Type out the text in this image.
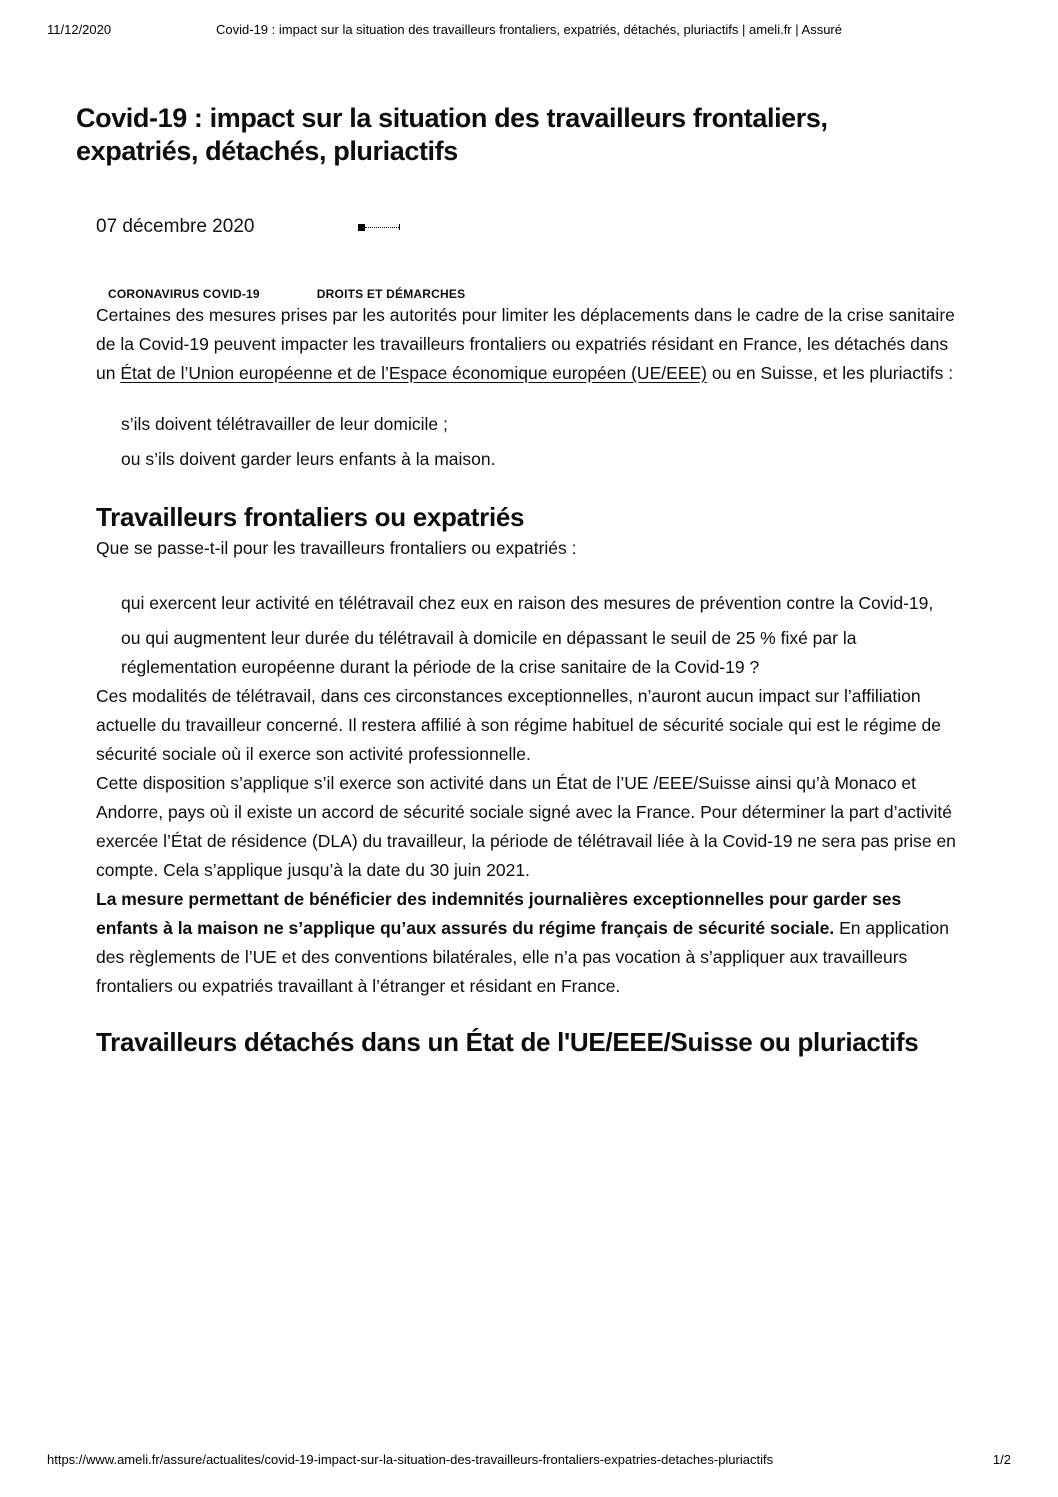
11/12/2020	Covid-19 : impact sur la situation des travailleurs frontaliers, expatriés, détachés, pluriactifs | ameli.fr | Assuré
Covid-19 : impact sur la situation des travailleurs frontaliers, expatriés, détachés, pluriactifs
07 décembre 2020
CORONAVIRUS COVID-19	DROITS ET DÉMARCHES

Certaines des mesures prises par les autorités pour limiter les déplacements dans le cadre de la crise sanitaire de la Covid-19 peuvent impacter les travailleurs frontaliers ou expatriés résidant en France, les détachés dans un État de l’Union européenne et de l’Espace économique européen (UE/EEE) ou en Suisse, et les pluriactifs :

s’ils doivent télétravailler de leur domicile ;
ou s’ils doivent garder leurs enfants à la maison.
Travailleurs frontaliers ou expatriés

Que se passe-t-il pour les travailleurs frontaliers ou expatriés :

qui exercent leur activité en télétravail chez eux en raison des mesures de prévention contre la Covid-19,
ou qui augmentent leur durée du télétravail à domicile en dépassant le seuil de 25 % fixé par la réglementation européenne durant la période de la crise sanitaire de la Covid-19 ?

Ces modalités de télétravail, dans ces circonstances exceptionnelles, n’auront aucun impact sur l’affiliation actuelle du travailleur concerné. Il restera affilié à son régime habituel de sécurité sociale qui est le régime de sécurité sociale où il exerce son activité professionnelle.

Cette disposition s’applique s’il exerce son activité dans un État de l’UE /EEE/Suisse ainsi qu’à Monaco et Andorre, pays où il existe un accord de sécurité sociale signé avec la France. Pour déterminer la part d’activité exercée l’État de résidence (DLA) du travailleur, la période de télétravail liée à la Covid-19 ne sera pas prise en compte. Cela s’applique jusqu’à la date du 30 juin 2021.

La mesure permettant de bénéficier des indemnités journalières exceptionnelles pour garder ses enfants à la maison ne s’applique qu’aux assurés du régime français de sécurité sociale. En application des règlements de l’UE et des conventions bilatérales, elle n’a pas vocation à s’appliquer aux travailleurs frontaliers ou expatriés travaillant à l’étranger et résidant en France.

Travailleurs détachés dans un État de l'UE/EEE/Suisse ou pluriactifs
https://www.ameli.fr/assure/actualites/covid-19-impact-sur-la-situation-des-travailleurs-frontaliers-expatries-detaches-pluriactifs	1/2
